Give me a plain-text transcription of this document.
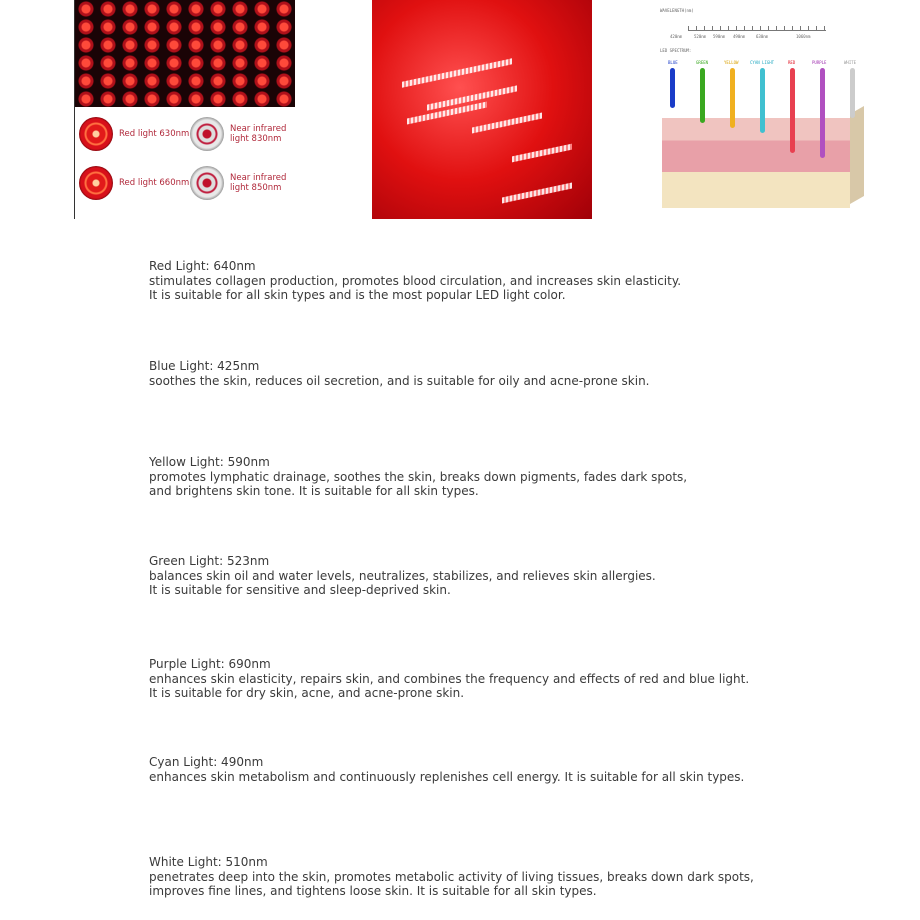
Red light 630nm	Near infrared light 830nm
Red light 660nm	Near infrared light 850nm
WAVELENGTH(nm)
420nm	520nm 590nm 490nm	630nm	1060nm
LED SPECTRUM:
BLUE	GREEN	YELLOW	CYAN LIGHT	RED	PURPLE	WHITE
Red Light: 640nm
stimulates collagen production, promotes blood circulation, and increases skin elasticity.
It is suitable for all skin types and is the most popular LED light color.
Blue Light: 425nm
soothes the skin, reduces oil secretion, and is suitable for oily and acne-prone skin.
Yellow Light: 590nm
promotes lymphatic drainage, soothes the skin, breaks down pigments, fades dark spots,
and brightens skin tone. It is suitable for all skin types.
Green Light: 523nm
balances skin oil and water levels, neutralizes, stabilizes, and relieves skin allergies.
It is suitable for sensitive and sleep-deprived skin.
Purple Light: 690nm
enhances skin elasticity, repairs skin, and combines the frequency and effects of red and blue light.
It is suitable for dry skin, acne, and acne-prone skin.
Cyan Light: 490nm
enhances skin metabolism and continuously replenishes cell energy. It is suitable for all skin types.
White Light: 510nm
penetrates deep into the skin, promotes metabolic activity of living tissues, breaks down dark spots,
improves fine lines, and tightens loose skin. It is suitable for all skin types.
